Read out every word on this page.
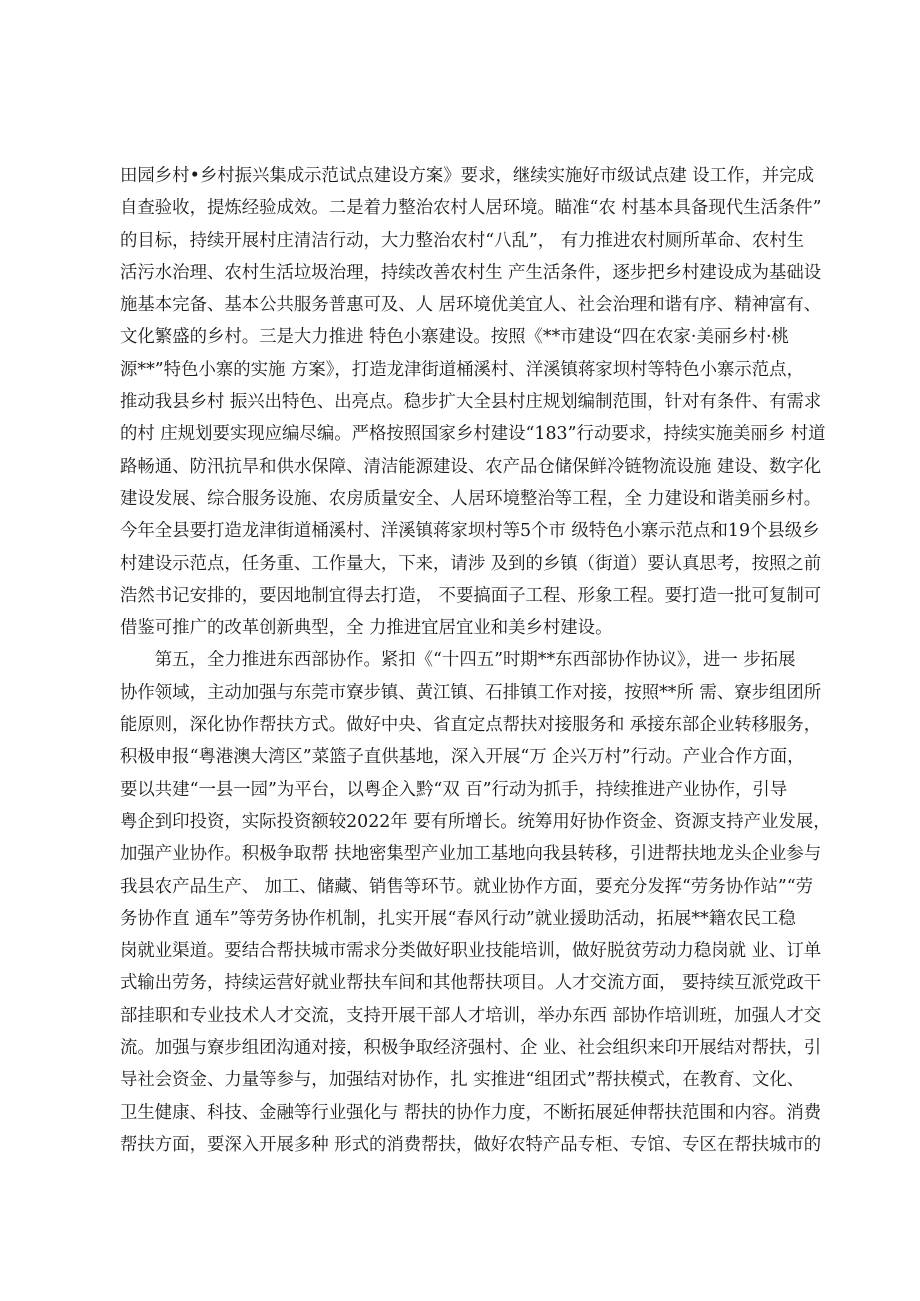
田园乡村•乡村振兴集成示范试点建设方案》要求，继续实施好市级试点建 设工作，并完成
自查验收，提炼经验成效。二是着力整治农村人居环境。瞄准“农 村基本具备现代生活条件”
的目标，持续开展村庄清洁行动，大力整治农村“八乱”， 有力推进农村厕所革命、农村生
活污水治理、农村生活垃圾治理，持续改善农村生 产生活条件，逐步把乡村建设成为基础设
施基本完备、基本公共服务普惠可及、人 居环境优美宜人、社会治理和谐有序、精神富有、
文化繁盛的乡村。三是大力推进 特色小寨建设。按照《**市建设“四在农家·美丽乡村·桃
源**”特色小寨的实施 方案》，打造龙津街道桶溪村、洋溪镇蒋家坝村等特色小寨示范点，
推动我县乡村 振兴出特色、出亮点。稳步扩大全县村庄规划编制范围，针对有条件、有需求
的村 庄规划要实现应编尽编。严格按照国家乡村建设“183”行动要求，持续实施美丽乡 村道
路畅通、防汛抗旱和供水保障、清洁能源建设、农产品仓储保鲜冷链物流设施 建设、数字化
建设发展、综合服务设施、农房质量安全、人居环境整治等工程，全 力建设和谐美丽乡村。
今年全县要打造龙津街道桶溪村、洋溪镇蒋家坝村等5个市 级特色小寨示范点和19个县级乡
村建设示范点，任务重、工作量大，下来，请涉 及到的乡镇（街道）要认真思考，按照之前
浩然书记安排的，要因地制宜得去打造， 不要搞面子工程、形象工程。要打造一批可复制可
借鉴可推广的改革创新典型，全 力推进宜居宜业和美乡村建设。
　　第五，全力推进东西部协作。紧扣《“十四五”时期**东西部协作协议》，进一 步拓展
协作领域，主动加强与东莞市寮步镇、黄江镇、石排镇工作对接，按照**所 需、寮步组团所
能原则，深化协作帮扶方式。做好中央、省直定点帮扶对接服务和 承接东部企业转移服务，
积极申报“粤港澳大湾区”菜篮子直供基地，深入开展“万 企兴万村”行动。产业合作方面，
要以共建“一县一园”为平台，以粤企入黔“双 百”行动为抓手，持续推进产业协作，引导
粤企到印投资，实际投资额较2022年 要有所增长。统筹用好协作资金、资源支持产业发展，
加强产业协作。积极争取帮 扶地密集型产业加工基地向我县转移，引进帮扶地龙头企业参与
我县农产品生产、 加工、储藏、销售等环节。就业协作方面，要充分发挥“劳务协作站”“劳
务协作直 通车”等劳务协作机制，扎实开展“春风行动”就业援助活动，拓展**籍农民工稳
岗就业渠道。要结合帮扶城市需求分类做好职业技能培训，做好脱贫劳动力稳岗就 业、订单
式输出劳务，持续运营好就业帮扶车间和其他帮扶项目。人才交流方面， 要持续互派党政干
部挂职和专业技术人才交流，支持开展干部人才培训，举办东西 部协作培训班，加强人才交
流。加强与寮步组团沟通对接，积极争取经济强村、企 业、社会组织来印开展结对帮扶，引
导社会资金、力量等参与，加强结对协作，扎 实推进“组团式”帮扶模式，在教育、文化、
卫生健康、科技、金融等行业强化与 帮扶的协作力度，不断拓展延伸帮扶范围和内容。消费
帮扶方面，要深入开展多种 形式的消费帮扶，做好农特产品专柜、专馆、专区在帮扶城市的
